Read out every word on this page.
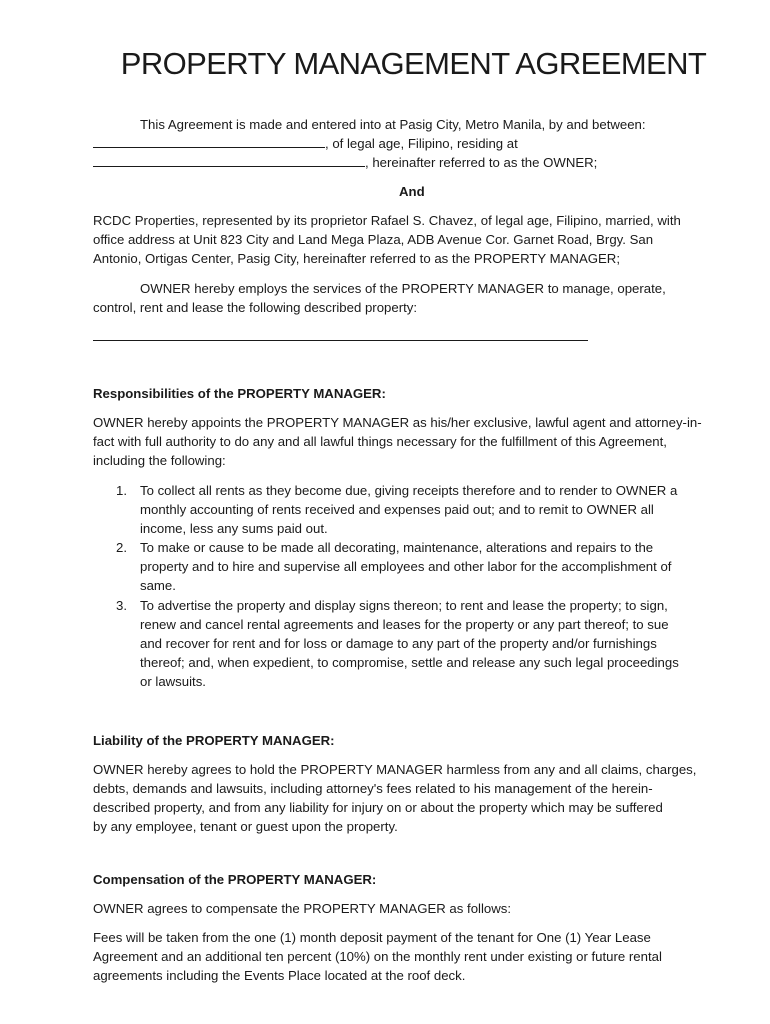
PROPERTY MANAGEMENT AGREEMENT

This Agreement is made and entered into at Pasig City, Metro Manila, by and between:

, of legal age, Filipino, residing at

, hereinafter referred to as the OWNER;

And

RCDC Properties, represented by its proprietor Rafael S. Chavez, of legal age, Filipino, married, with

office address at Unit 823 City and Land Mega Plaza, ADB Avenue Cor. Garnet Road, Brgy. San

Antonio, Ortigas Center, Pasig City, hereinafter referred to as the PROPERTY MANAGER;

OWNER hereby employs the services of the PROPERTY MANAGER to manage, operate,

control, rent and lease the following described property:

Responsibilities of the PROPERTY MANAGER:

OWNER hereby appoints the PROPERTY MANAGER as his/her exclusive, lawful agent and attorney-in-

fact with full authority to do any and all lawful things necessary for the fulfillment of this Agreement,

including the following:

1. To collect all rents as they become due, giving receipts therefore and to render to OWNER a

monthly accounting of rents received and expenses paid out; and to remit to OWNER all

income, less any sums paid out.

2. To make or cause to be made all decorating, maintenance, alterations and repairs to the

property and to hire and supervise all employees and other labor for the accomplishment of

same.

3. To advertise the property and display signs thereon; to rent and lease the property; to sign,

renew and cancel rental agreements and leases for the property or any part thereof; to sue

and recover for rent and for loss or damage to any part of the property and/or furnishings

thereof; and, when expedient, to compromise, settle and release any such legal proceedings

or lawsuits.

Liability of the PROPERTY MANAGER:

OWNER hereby agrees to hold the PROPERTY MANAGER harmless from any and all claims, charges,

debts, demands and lawsuits, including attorney's fees related to his management of the herein-

described property, and from any liability for injury on or about the property which may be suffered

by any employee, tenant or guest upon the property.

Compensation of the PROPERTY MANAGER:

OWNER agrees to compensate the PROPERTY MANAGER as follows:

Fees will be taken from the one (1) month deposit payment of the tenant for One (1) Year Lease

Agreement and an additional ten percent (10%) on the monthly rent under existing or future rental

agreements including the Events Place located at the roof deck.
